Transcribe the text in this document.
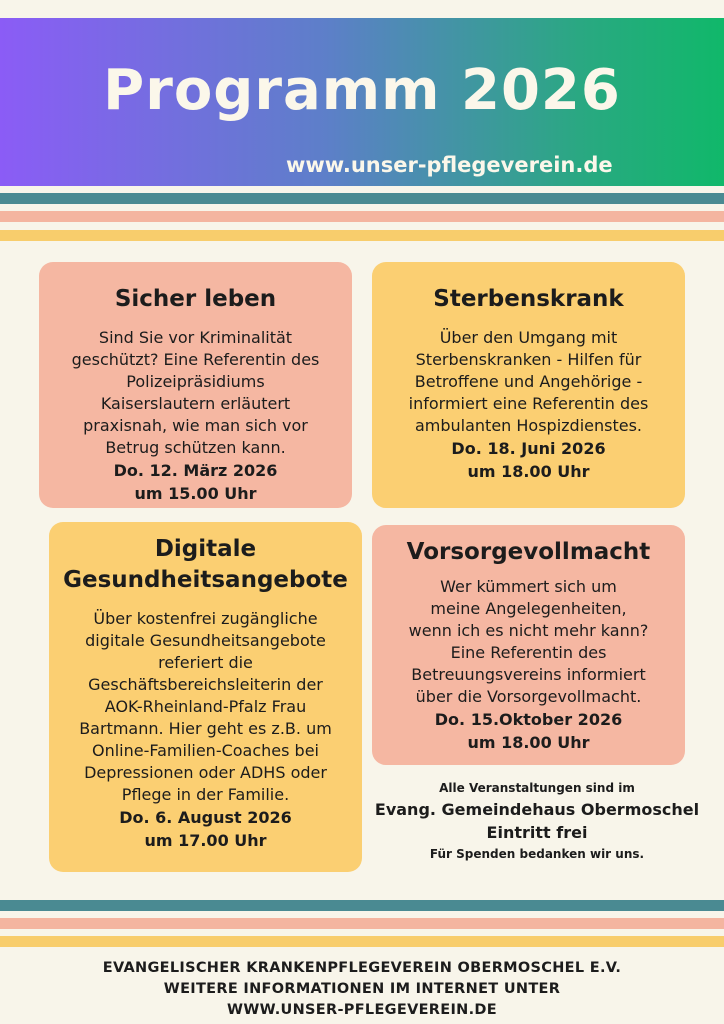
Programm 2026
www.unser-pflegeverein.de
Sicher leben

Sind Sie vor Kriminalität
geschützt? Eine Referentin des
Polizeipräsidiums
Kaiserslautern erläutert
praxisnah, wie man sich vor
Betrug schützen kann.

Do. 12. März 2026
um 15.00 Uhr
Sterbenskrank

Über den Umgang mit
Sterbenskranken - Hilfen für
Betroffene und Angehörige -
informiert eine Referentin des
ambulanten Hospizdienstes.

Do. 18. Juni 2026
um 18.00 Uhr
Digitale
Gesundheitsangebote

Über kostenfrei zugängliche
digitale Gesundheitsangebote
referiert die
Geschäftsbereichsleiterin der
AOK-Rheinland-Pfalz Frau
Bartmann. Hier geht es z.B. um
Online-Familien-Coaches bei
Depressionen oder ADHS oder
Pflege in der Familie.

Do. 6. August 2026
um 17.00 Uhr
Vorsorgevollmacht

Wer kümmert sich um
meine Angelegenheiten,
wenn ich es nicht mehr kann?
Eine Referentin des
Betreuungsvereins informiert
über die Vorsorgevollmacht.

Do. 15.Oktober 2026
um 18.00 Uhr
Alle Veranstaltungen sind im
Evang. Gemeindehaus Obermoschel
Eintritt frei
Für Spenden bedanken wir uns.
EVANGELISCHER KRANKENPFLEGEVEREIN OBERMOSCHEL E.V.
WEITERE INFORMATIONEN IM INTERNET UNTER
WWW.UNSER-PFLEGEVEREIN.DE
